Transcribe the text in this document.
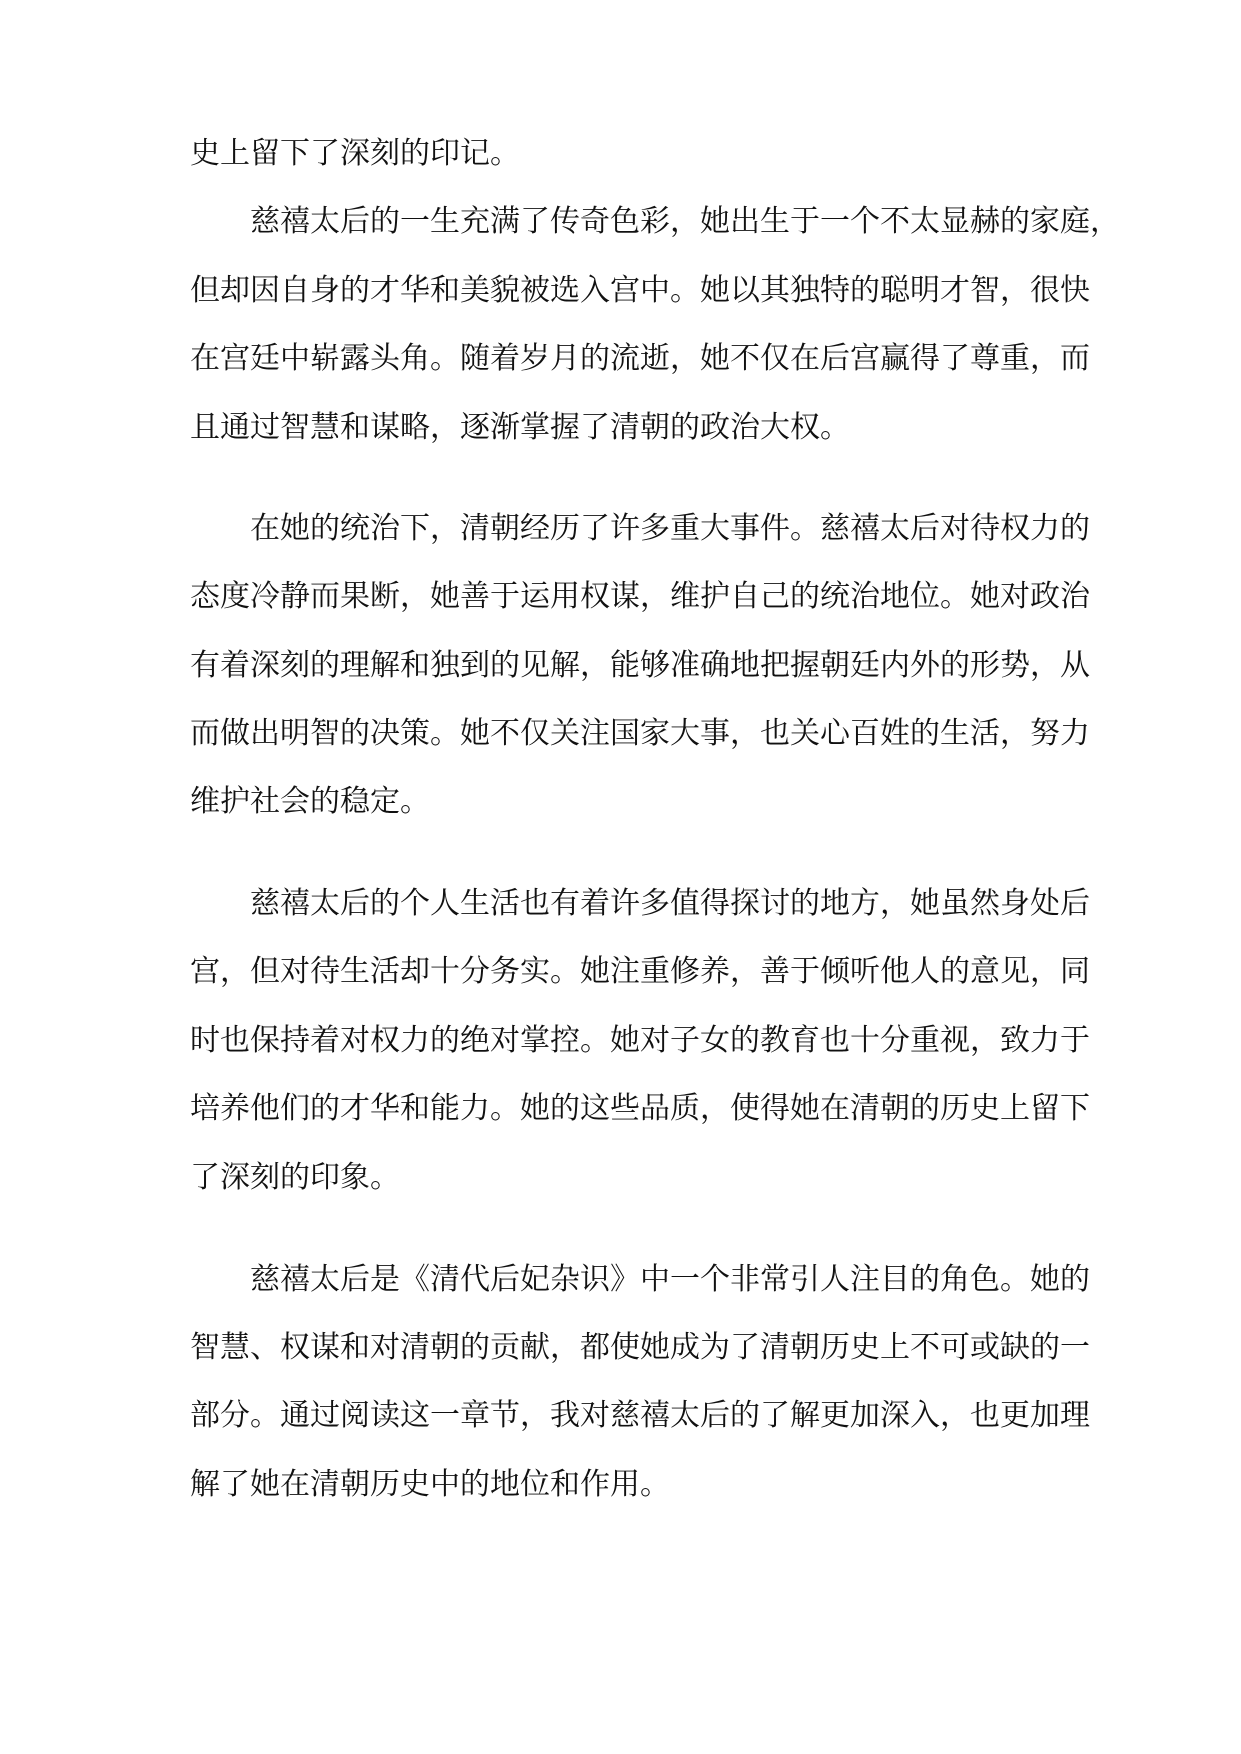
史上留下了深刻的印记。

慈禧太后的一生充满了传奇色彩，她出生于一个不太显赫的家庭，

但却因自身的才华和美貌被选入宫中。她以其独特的聪明才智，很快

在宫廷中崭露头角。随着岁月的流逝，她不仅在后宫赢得了尊重，而

且通过智慧和谋略，逐渐掌握了清朝的政治大权。

在她的统治下，清朝经历了许多重大事件。慈禧太后对待权力的

态度冷静而果断，她善于运用权谋，维护自己的统治地位。她对政治

有着深刻的理解和独到的见解，能够准确地把握朝廷内外的形势，从

而做出明智的决策。她不仅关注国家大事，也关心百姓的生活，努力

维护社会的稳定。

慈禧太后的个人生活也有着许多值得探讨的地方，她虽然身处后

宫，但对待生活却十分务实。她注重修养，善于倾听他人的意见，同

时也保持着对权力的绝对掌控。她对子女的教育也十分重视，致力于

培养他们的才华和能力。她的这些品质，使得她在清朝的历史上留下

了深刻的印象。

慈禧太后是《清代后妃杂识》中一个非常引人注目的角色。她的

智慧、权谋和对清朝的贡献，都使她成为了清朝历史上不可或缺的一

部分。通过阅读这一章节，我对慈禧太后的了解更加深入，也更加理

解了她在清朝历史中的地位和作用。
